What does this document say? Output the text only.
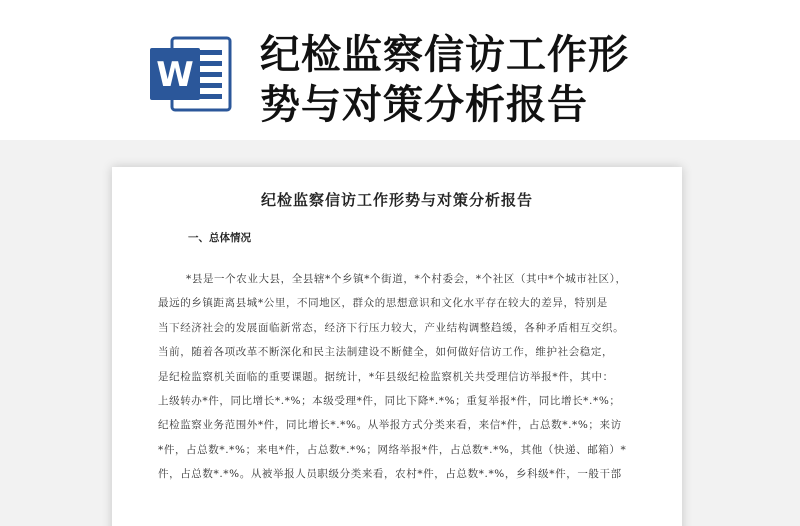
W 纪检监察信访工作形
势与对策分析报告
纪检监察信访工作形势与对策分析报告
一、总体情况
*县是一个农业大县，全县辖*个乡镇*个街道，*个村委会，*个社区（其中*个城市社区），
最远的乡镇距离县城*公里，不同地区，群众的思想意识和文化水平存在较大的差异，特别是
当下经济社会的发展面临新常态，经济下行压力较大，产业结构调整趋缓，各种矛盾相互交织。
当前，随着各项改革不断深化和民主法制建设不断健全，如何做好信访工作，维护社会稳定，
是纪检监察机关面临的重要课题。据统计，*年县级纪检监察机关共受理信访举报*件，其中：
上级转办*件，同比增长*.*%；本级受理*件，同比下降*.*%；重复举报*件，同比增长*.*%；
纪检监察业务范围外*件，同比增长*.*%。从举报方式分类来看，来信*件，占总数*.*%；来访
*件，占总数*.*%；来电*件，占总数*.*%；网络举报*件，占总数*.*%，其他（快递、邮箱）*
件，占总数*.*%。从被举报人员职级分类来看，农村*件，占总数*.*%，乡科级*件，一般干部
